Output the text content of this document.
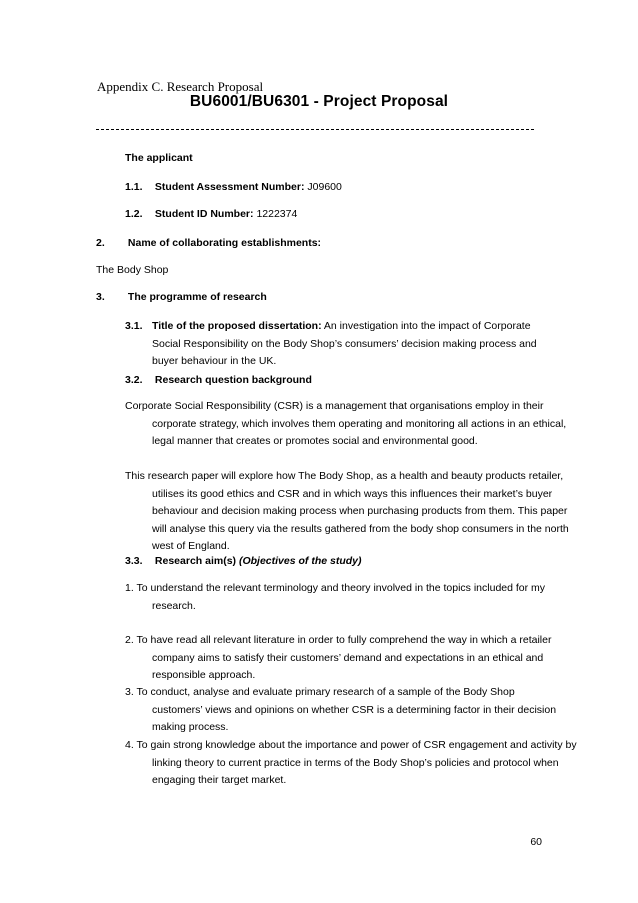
Appendix C. Research Proposal
BU6001/BU6301 - Project Proposal
The applicant
1.1. Student Assessment Number: J09600
1.2. Student ID Number: 1222374
2. Name of collaborating establishments:
The Body Shop
3. The programme of research
3.1. Title of the proposed dissertation: An investigation into the impact of Corporate Social Responsibility on the Body Shop’s consumers’ decision making process and buyer behaviour in the UK.
3.2. Research question background
Corporate Social Responsibility (CSR) is a management that organisations employ in their corporate strategy, which involves them operating and monitoring all actions in an ethical, legal manner that creates or promotes social and environmental good.
This research paper will explore how The Body Shop, as a health and beauty products retailer, utilises its good ethics and CSR and in which ways this influences their market’s buyer behaviour and decision making process when purchasing products from them. This paper will analyse this query via the results gathered from the body shop consumers in the north west of England.
3.3. Research aim(s) (Objectives of the study)
1. To understand the relevant terminology and theory involved in the topics included for my research.
2. To have read all relevant literature in order to fully comprehend the way in which a retailer company aims to satisfy their customers’ demand and expectations in an ethical and responsible approach.
3. To conduct, analyse and evaluate primary research of a sample of the Body Shop customers’ views and opinions on whether CSR is a determining factor in their decision making process.
4. To gain strong knowledge about the importance and power of CSR engagement and activity by linking theory to current practice in terms of the Body Shop’s policies and protocol when engaging their target market.
60
